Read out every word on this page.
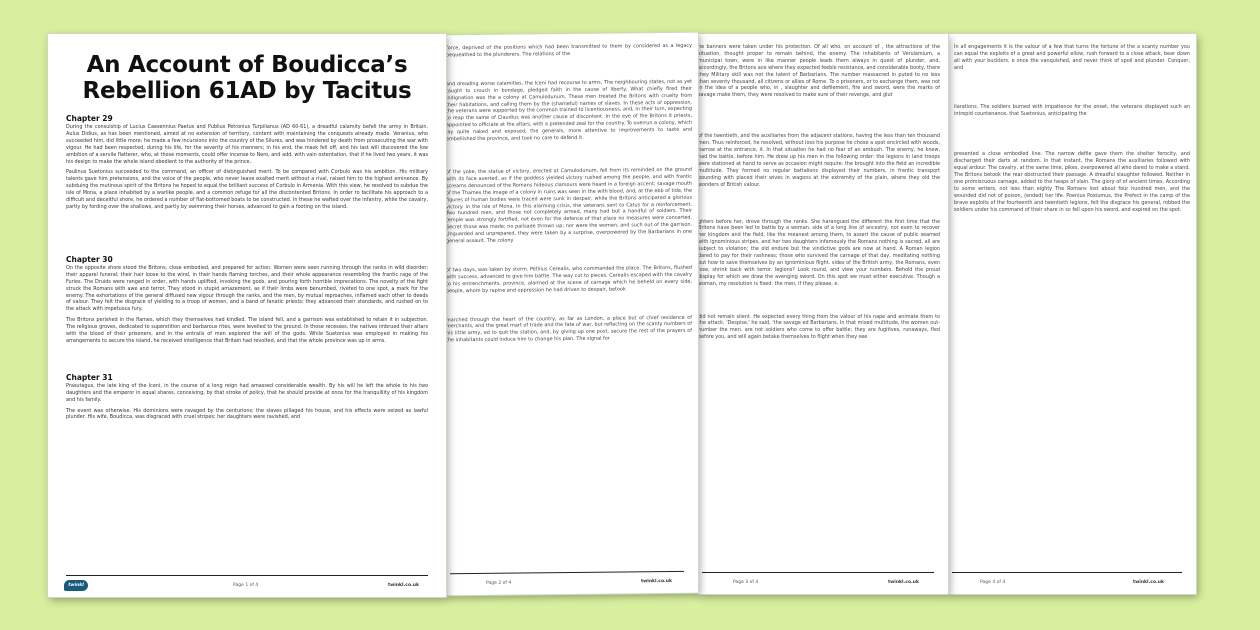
An Account of Boudicca’s
Rebellion 61AD by Tacitus
Chapter 29

During the consulship of Lucius Caesennius Paetus and Publius Petronius Turpilianus (AD 60-61), a dreadful calamity befell the army in Britain. Aulus Didius, as has been mentioned, aimed at no extension of territory, content with maintaining the conquests already made. Veranius, who succeeded him, did little more: he made a few incursions into the country of the Silures, and was hindered by death from prosecuting the war with vigour. He had been respected, during his life, for the severity of his manners; in his end, the mask fell off, and his last will discovered the low ambition of a servile flatterer, who, at those moments, could offer incense to Nero, and add, with vain ostentation, that if he lived two years, it was his design to make the whole island obedient to the authority of the prince.

Paulinus Suetonius succeeded to the command, an officer of distinguished merit. To be compared with Corbulo was his ambition. His military talents gave him pretensions, and the voice of the people, who never leave exalted merit without a rival, raised him to the highest eminence. By subduing the mutinous spirit of the Britons he hoped to equal the brilliant success of Corbulo in Armenia. With this view, he resolved to subdue the isle of Mona, a place inhabited by a warlike people, and a common refuge for all the discontented Britons. In order to facilitate his approach to a difficult and deceitful shore, he ordered a number of flat-bottomed boats to be constructed. In these he wafted over the infantry, while the cavalry, partly by fording over the shallows, and partly by swimming their horses, advanced to gain a footing on the island.

Chapter 30

On the opposite shore stood the Britons, close embodied, and prepared for action. Women were seen running through the ranks in wild disorder; their apparel funeral; their hair loose to the wind, in their hands flaming torches, and their whole appearance resembling the frantic rage of the Furies. The Druids were ranged in order, with hands uplifted, invoking the gods, and pouring forth horrible imprecations. The novelty of the fight struck the Romans with awe and terror. They stood in stupid amazement, as if their limbs were benumbed, riveted to one spot, a mark for the enemy. The exhortations of the general diffused new vigour through the ranks, and the men, by mutual reproaches, inflamed each other to deeds of valour. They felt the disgrace of yielding to a troop of women, and a band of fanatic priests; they advanced their standards, and rushed on to the attack with impetuous fury.

The Britons perished in the flames, which they themselves had kindled. The island fell, and a garrison was established to retain it in subjection. The religious groves, dedicated to superstition and barbarous rites, were levelled to the ground. In those recesses, the natives imbrued their altars with the blood of their prisoners, and in the entrails of men explored the will of the gods. While Suetonius was employed in making his arrangements to secure the island, he received intelligence that Britain had revolted, and that the whole province was up in arms.

Chapter 31

Prasutagus, the late king of the Iceni, in the course of a long reign had amassed considerable wealth. By his will he left the whole to his two daughters and the emperor in equal shares, conceiving, by that stroke of policy, that he should provide at once for the tranquillity of his kingdom and his family.

The event was otherwise. His dominions were ravaged by the centurions; the slaves pillaged his house, and his effects were seized as lawful plunder. His wife, Boudicca, was disgraced with cruel stripes; her daughters were ravished, and

twinkl	Page 1 of 4	twinkl.co.uk

force, deprived of the positions which had been transmitted to them by considered as a legacy bequeathed to the plunderers. The relations of the

and dreading worse calamities, the Iceni had recourse to arms. The neighbouring states, not as yet taught to crouch in bondage, pledged faith in the cause of liberty. What chiefly fired their indignation was the a colony at Camulodunum. These men treated the Britons with cruelty from their habitations, and calling them by the (shameful) names of slaves. In these acts of oppression, the veterans were supported by the common trained to licentiousness, and, in their turn, expecting to reap the same of Claudius was another cause of discontent. In the eye of the Britons it priests, appointed to officiate at the altars, with a pretended zeal for the country. To overrun a colony, which lay quite naked and exposed, the generals, more attentive to improvements to taste and embellished the province, and took no care to defend it.

of the yoke, the statue of victory, erected at Camulodunum, fell from its reminded on the ground with its face averted, as if the goddess yielded victory rushed among the people, and with frantic screams denounced of the Romans hideous clamours were heard in a foreign accent; savage mouth of the Thames the image of a colony in ruins was seen in the with blood, and, at the ebb of tide, the figures of human bodies were traced were sunk in despair, while the Britons anticipated a glorious victory. in the isle of Mona. In this alarming crisis, the veterans sent to Catus for a reinforcement. Two hundred men, and those not completely armed, many had but a handful of soldiers. Their temple was strongly fortified, not even for the defence of that place no measures were concerted. Secret those was made; no palisade thrown up; nor were the women, and such out of the garrison. Unguarded and unprepared, they were taken by a surprise, overpowered by the Barbarians in one general assault. The colony

of two days, was taken by storm. Petilius Cerealis, who commanded the place. The Britons, flushed with success, advanced to give him battle. The way cut to pieces. Cerealis escaped with the cavalry to his entrenchments. province, alarmed at the scene of carnage which he beheld on every side, people, whom by rapine and oppression he had driven to despair, betook

marched through the heart of the country, as far as London, a place but of chief residence of merchants, and the great mart of trade and the fate of war, but reflecting on the scanty numbers of his little army, ed to quit the station, and, by giving up one post, secure the rest of the prayers of the inhabitants could induce him to change his plan. The signal for

Page 2 of 4	twinkl.co.uk

he banners were taken under his protection. Of all who, on account of , the attractions of the situation, thought proper to remain behind, the enemy. The inhabitants of Verulamium, a municipal town, were in like manner people leads them always in quest of plunder, and, accordingly, the Britons ace where they expected feeble resistance, and considerable booty, there they Military skill was not the talent of Barbarians. The number massacred in puted to no less than seventy thousand, all citizens or allies of Rome. To o prisoners, or to exchange them, was not in the idea of a people who, in , slaughter and defilement, fire and sword, were the marks of savage make them, they were resolved to make sure of their revenge, and glut

of the twentieth, and the auxiliaries from the adjacent stations, having the less than ten thousand men. Thus reinforced, he resolved, without loss his purpose he chose a spot encircled with woods, narrow at the entrance, it. In that situation he had no fear of an ambush. The enemy, he knew, had the battle, before him. He drew up his men in the following order: the legions in land troops were stationed at hand to serve as occasion might require: the brought into the field an incredible multitude. They formed no regular battalions displayed their numbers, in frantic transport bounding with placed their wives in wagons at the extremity of the plain, where they old the wonders of British valour.

ghters before her, drove through the ranks. She harangued the different the first time that the Britons have been led to battle by a woman. side of a long line of ancestry, not even to recover her kingdom and the field, like the meanest among them, to assert the cause of public seamed with ignominious stripes, and her two daughters infamously the Romans nothing is sacred, all are subject to violation; the old endure but the vindictive gods are now at hand. A Roman legion dared to pay for their rashness; those who survived the carnage of that day, meditating nothing but how to save themselves by an ignominious flight. sides of the British army, the Romans, even now, shrink back with terror. legions? Look round, and view your numbers. Behold the proud display for which we draw the avenging sword. On this spot we must either executive. Though a woman, my resolution is fixed: the men, if they please, e.

did not remain silent. He expected every thing from the valour of his nape and animate them to the attack. 'Despise,' he said, 'the savage ed Barbarians. In that mixed multitude, the women out-number the men. are not soldiers who come to offer battle; they are fugitives, runaways, fled before you, and will again betake themselves to flight when they see

Page 3 of 4	twinkl.co.uk

In all engagements it is the valour of a few that turns the fortune of the a scanty number you can equal the exploits of a great and powerful ellow, rush forward to a close attack, bear down all with your bucklers, e once the vanquished, and never think of spoil and plunder. Conquer, and

ilarations. The soldiers burned with impatience for the onset, the veterans displayed such an intrepid countenance, that Suetonius, anticipating the

presented a close embodied line. The narrow defile gave them the shelter ferocity, and discharged their darts at random. In that instant, the Romans the auxiliaries followed with equal ardour. The cavalry, at the same time, pikes, overpowered all who dared to make a stand. The Britons betook the rear obstructed their passage. A dreadful slaughter followed. Neither in one promiscuous carnage, added to the heaps of slain. The glory of of ancient times. According to some writers, not less than eighty The Romans lost about four hundred men, and the wounded did not of poison, (ended) her life. Poenius Postumus, the Prefect in the camp of the brave exploits of the fourteenth and twentieth legions, felt the disgrace his general, robbed the soldiers under his command of their share in so fell upon his sword, and expired on the spot.

Page 4 of 4	twinkl.co.uk
